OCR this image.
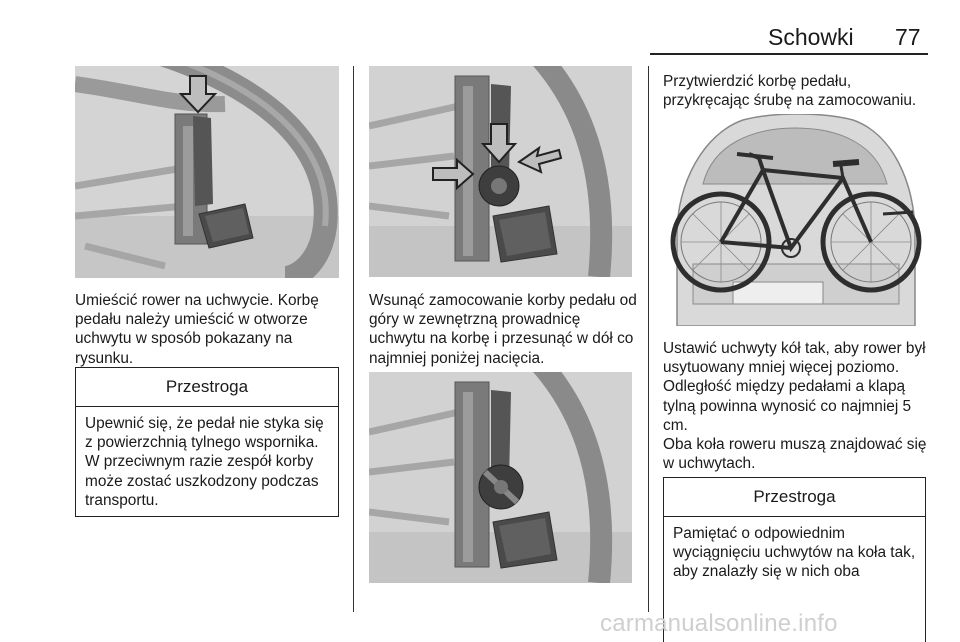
Schowki 77

Umieścić rower na uchwycie. Korbę pedału należy umieścić w otworze uchwytu w sposób pokazany na rysunku.

Przestroga
Upewnić się, że pedał nie styka się z powierzchnią tylnego wspornika. W przeciwnym razie zespół korby może zostać uszkodzony podczas transportu.

Wsunąć zamocowanie korby pedału od góry w zewnętrzną prowadnicę uchwytu na korbę i przesunąć w dół co najmniej poniżej nacięcia.

Przytwierdzić korbę pedału, przykręcając śrubę na zamocowaniu.

Ustawić uchwyty kół tak, aby rower był usytuowany mniej więcej poziomo. Odległość między pedałami a klapą tylną powinna wynosić co najmniej 5 cm.

Oba koła roweru muszą znajdować się w uchwytach.

Przestroga
Pamiętać o odpowiednim wyciągnięciu uchwytów na koła tak, aby znalazły się w nich oba
carmanualsonline.info
